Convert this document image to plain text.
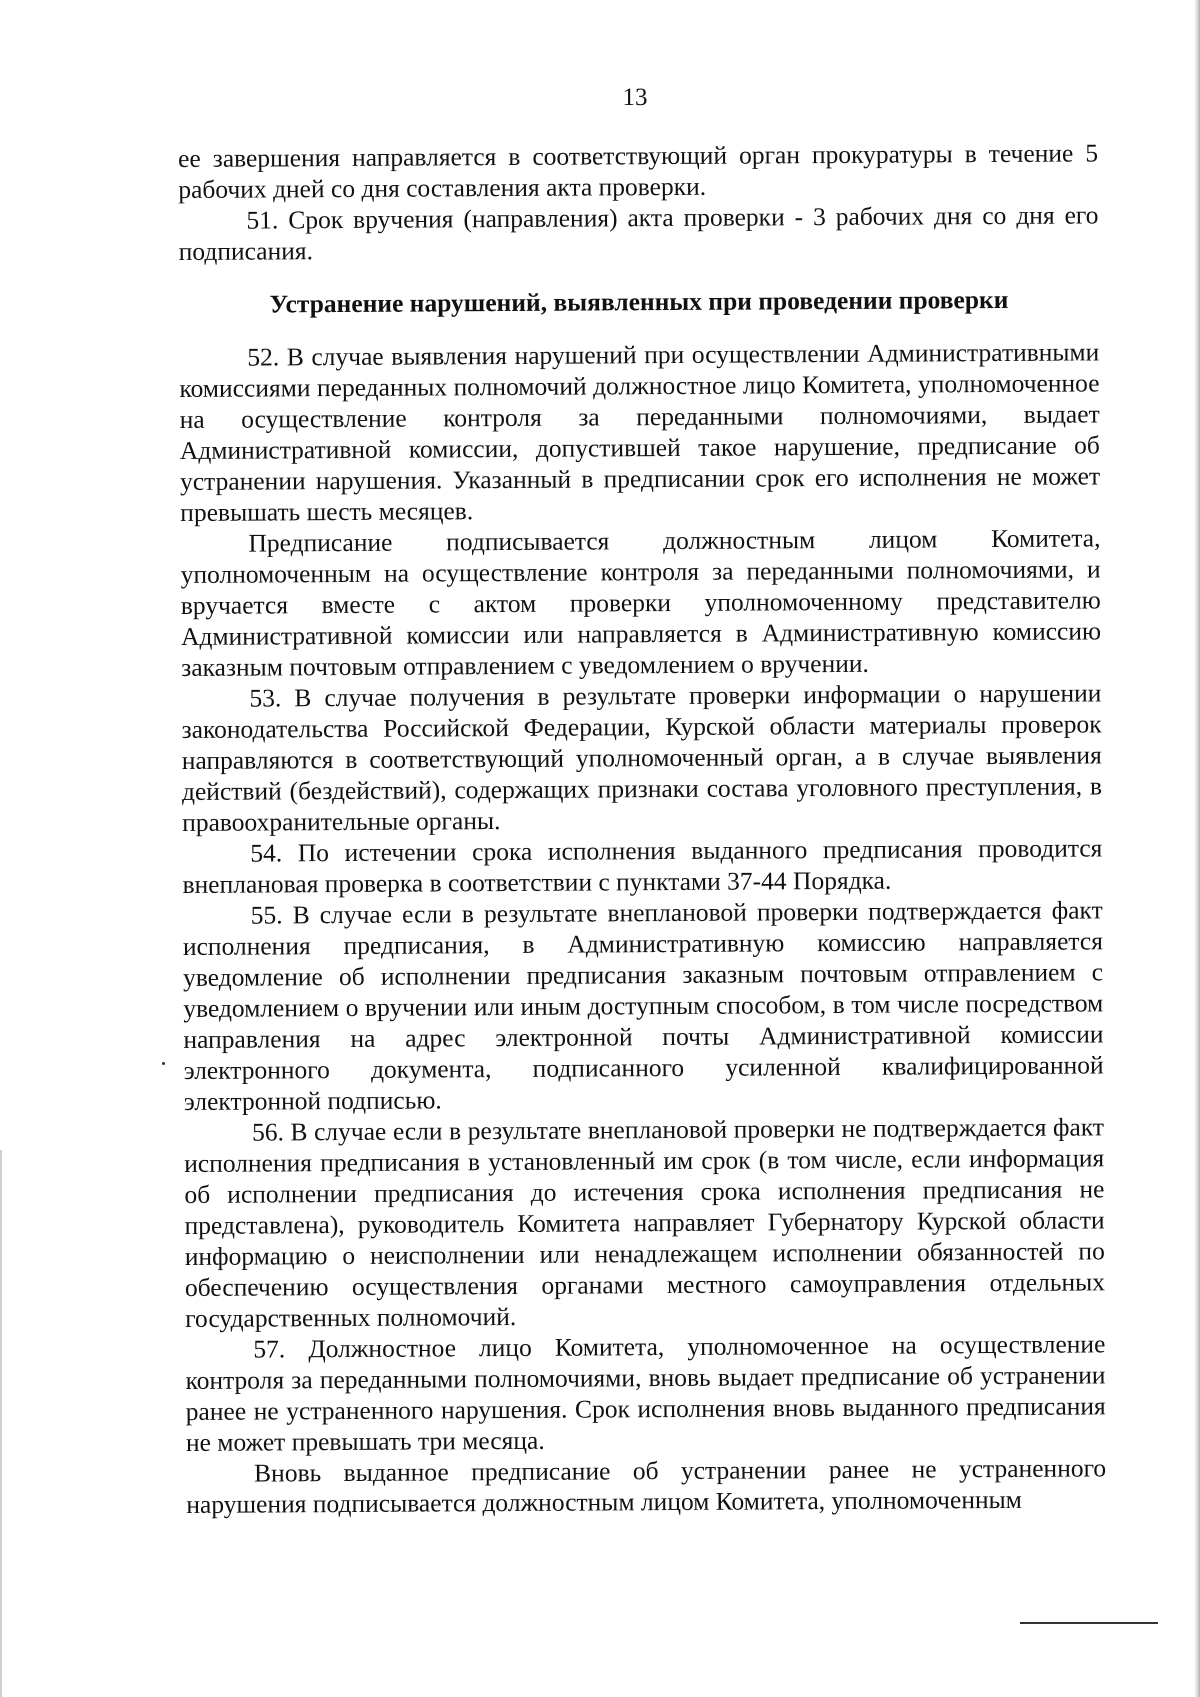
13

ее завершения направляется в соответствующий орган прокуратуры в течение 5 рабочих дней со дня составления акта проверки.

51. Срок вручения (направления) акта проверки - 3 рабочих дня со дня его подписания.

Устранение нарушений, выявленных при проведении проверки

52. В случае выявления нарушений при осуществлении Административными комиссиями переданных полномочий должностное лицо Комитета, уполномоченное на осуществление контроля за переданными полномочиями, выдает Административной комиссии, допустившей такое нарушение, предписание об устранении нарушения. Указанный в предписании срок его исполнения не может превышать шесть месяцев.

Предписание подписывается должностным лицом Комитета, уполномоченным на осуществление контроля за переданными полномочиями, и вручается вместе с актом проверки уполномоченному представителю Административной комиссии или направляется в Административную комиссию заказным почтовым отправлением с уведомлением о вручении.

53. В случае получения в результате проверки информации о нарушении законодательства Российской Федерации, Курской области материалы проверок направляются в соответствующий уполномоченный орган, а в случае выявления действий (бездействий), содержащих признаки состава уголовного преступления, в правоохранительные органы.

54. По истечении срока исполнения выданного предписания проводится внеплановая проверка в соответствии с пунктами 37-44 Порядка.

55. В случае если в результате внеплановой проверки подтверждается факт исполнения предписания, в Административную комиссию направляется уведомление об исполнении предписания заказным почтовым отправлением с уведомлением о вручении или иным доступным способом, в том числе посредством направления на адрес электронной почты Административной комиссии электронного документа, подписанного усиленной квалифицированной электронной подписью.

56. В случае если в результате внеплановой проверки не подтверждается факт исполнения предписания в установленный им срок (в том числе, если информация об исполнении предписания до истечения срока исполнения предписания не представлена), руководитель Комитета направляет Губернатору Курской области информацию о неисполнении или ненадлежащем исполнении обязанностей по обеспечению осуществления органами местного самоуправления отдельных государственных полномочий.

57. Должностное лицо Комитета, уполномоченное на осуществление контроля за переданными полномочиями, вновь выдает предписание об устранении ранее не устраненного нарушения. Срок исполнения вновь выданного предписания не может превышать три месяца.

Вновь выданное предписание об устранении ранее не устраненного нарушения подписывается должностным лицом Комитета, уполномоченным
